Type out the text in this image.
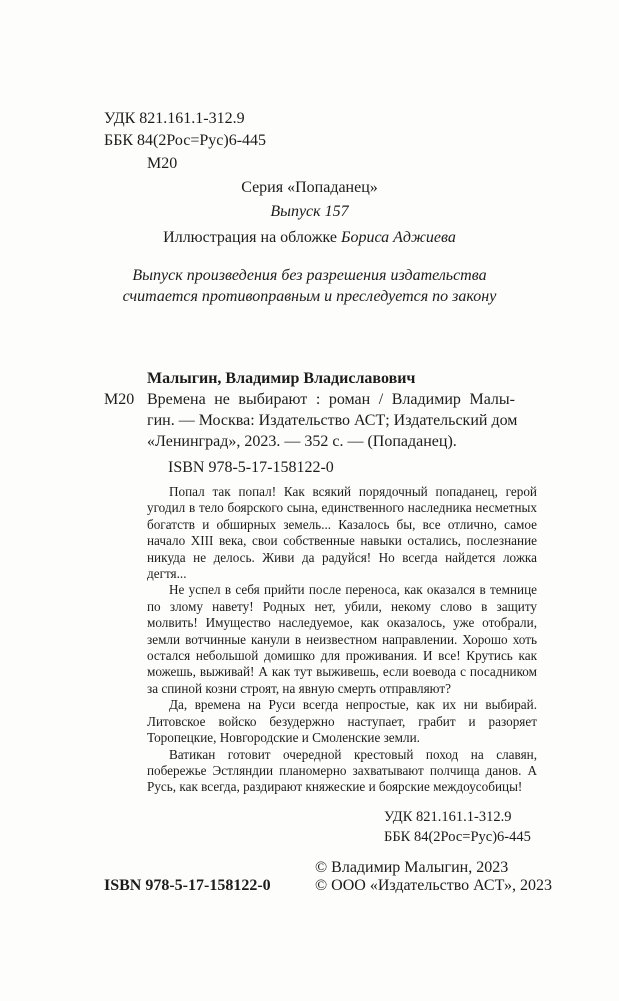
УДК 821.161.1-312.9
ББК 84(2Рос=Рус)6-445
М20
Серия «Попаданец»
Выпуск 157
Иллюстрация на обложке Бориса Аджиева
Выпуск произведения без разрешения издательства
считается противоправным и преследуется по закону
Малыгин, Владимир Владиславович
М20 Времена не выбирают : роман / Владимир Малы-
гин. — Москва: Издательство АСТ; Издательский дом
«Ленинград», 2023. — 352 с. — (Попаданец).
ISBN 978-5-17-158122-0

Попал так попал! Как всякий порядочный попаданец, герой угодил в тело боярского сына, единственного наследника несметных богатств и обширных земель... Казалось бы, все отлично, самое начало XIII века, свои собственные навыки остались, послезнание никуда не делось. Живи да радуйся! Но всегда найдется ложка дегтя...

Не успел в себя прийти после переноса, как оказался в темнице по злому навету! Родных нет, убили, некому слово в защиту молвить! Имущество наследуемое, как оказалось, уже отобрали, земли вотчинные канули в неизвестном направлении. Хорошо хоть остался небольшой домишко для проживания. И все! Крутись как можешь, выживай! А как тут выживешь, если воевода с посадником за спиной козни строят, на явную смерть отправляют?

Да, времена на Руси всегда непростые, как их ни выбирай. Литовское войско безудержно наступает, грабит и разоряет Торопецкие, Новгородские и Смоленские земли.

Ватикан готовит очередной крестовый поход на славян, побережье Эстляндии планомерно захватывают полчища данов. А Русь, как всегда, раздирают княжеские и боярские междоусобицы!

УДК 821.161.1-312.9
ББК 84(2Рос=Рус)6-445
© Владимир Малыгин, 2023
ISBN 978-5-17-158122-0	© ООО «Издательство АСТ», 2023
